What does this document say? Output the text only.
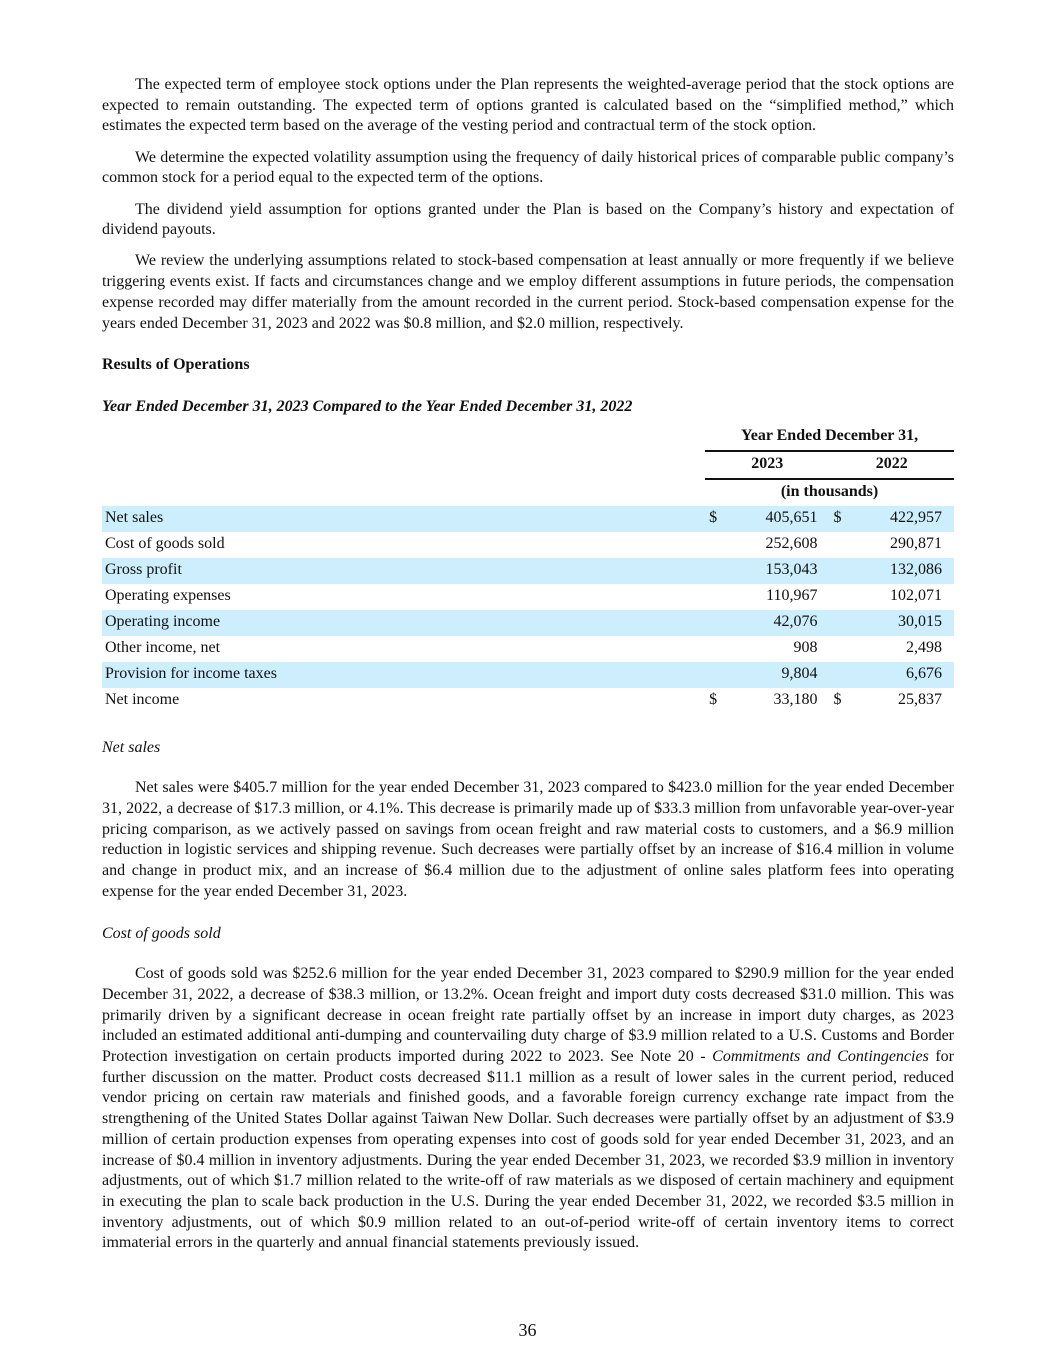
The expected term of employee stock options under the Plan represents the weighted-average period that the stock options are expected to remain outstanding. The expected term of options granted is calculated based on the “simplified method,” which estimates the expected term based on the average of the vesting period and contractual term of the stock option.

We determine the expected volatility assumption using the frequency of daily historical prices of comparable public company’s common stock for a period equal to the expected term of the options.

The dividend yield assumption for options granted under the Plan is based on the Company’s history and expectation of dividend payouts.

We review the underlying assumptions related to stock-based compensation at least annually or more frequently if we believe triggering events exist. If facts and circumstances change and we employ different assumptions in future periods, the compensation expense recorded may differ materially from the amount recorded in the current period. Stock-based compensation expense for the years ended December 31, 2023 and 2022 was $0.8 million, and $2.0 million, respectively.

Results of Operations

Year Ended December 31, 2023 Compared to the Year Ended December 31, 2022

	Year Ended December 31,			
	2023		2022	
	(in thousands)			
Net sales	$	405,651	$	422,957
Cost of goods sold		252,608		290,871
Gross profit		153,043		132,086
Operating expenses		110,967		102,071
Operating income		42,076		30,015
Other income, net		908		2,498
Provision for income taxes		9,804		6,676
Net income	$	33,180	$	25,837

Net sales

Net sales were $405.7 million for the year ended December 31, 2023 compared to $423.0 million for the year ended December 31, 2022, a decrease of $17.3 million, or 4.1%. This decrease is primarily made up of $33.3 million from unfavorable year-over-year pricing comparison, as we actively passed on savings from ocean freight and raw material costs to customers, and a $6.9 million reduction in logistic services and shipping revenue. Such decreases were partially offset by an increase of $16.4 million in volume and change in product mix, and an increase of $6.4 million due to the adjustment of online sales platform fees into operating expense for the year ended December 31, 2023.

Cost of goods sold

Cost of goods sold was $252.6 million for the year ended December 31, 2023 compared to $290.9 million for the year ended December 31, 2022, a decrease of $38.3 million, or 13.2%. Ocean freight and import duty costs decreased $31.0 million. This was primarily driven by a significant decrease in ocean freight rate partially offset by an increase in import duty charges, as 2023 included an estimated additional anti-dumping and countervailing duty charge of $3.9 million related to a U.S. Customs and Border Protection investigation on certain products imported during 2022 to 2023. See Note 20 - Commitments and Contingencies for further discussion on the matter. Product costs decreased $11.1 million as a result of lower sales in the current period, reduced vendor pricing on certain raw materials and finished goods, and a favorable foreign currency exchange rate impact from the strengthening of the United States Dollar against Taiwan New Dollar. Such decreases were partially offset by an adjustment of $3.9 million of certain production expenses from operating expenses into cost of goods sold for year ended December 31, 2023, and an increase of $0.4 million in inventory adjustments. During the year ended December 31, 2023, we recorded $3.9 million in inventory adjustments, out of which $1.7 million related to the write-off of raw materials as we disposed of certain machinery and equipment in executing the plan to scale back production in the U.S. During the year ended December 31, 2022, we recorded $3.5 million in inventory adjustments, out of which $0.9 million related to an out-of-period write-off of certain inventory items to correct immaterial errors in the quarterly and annual financial statements previously issued.

36
